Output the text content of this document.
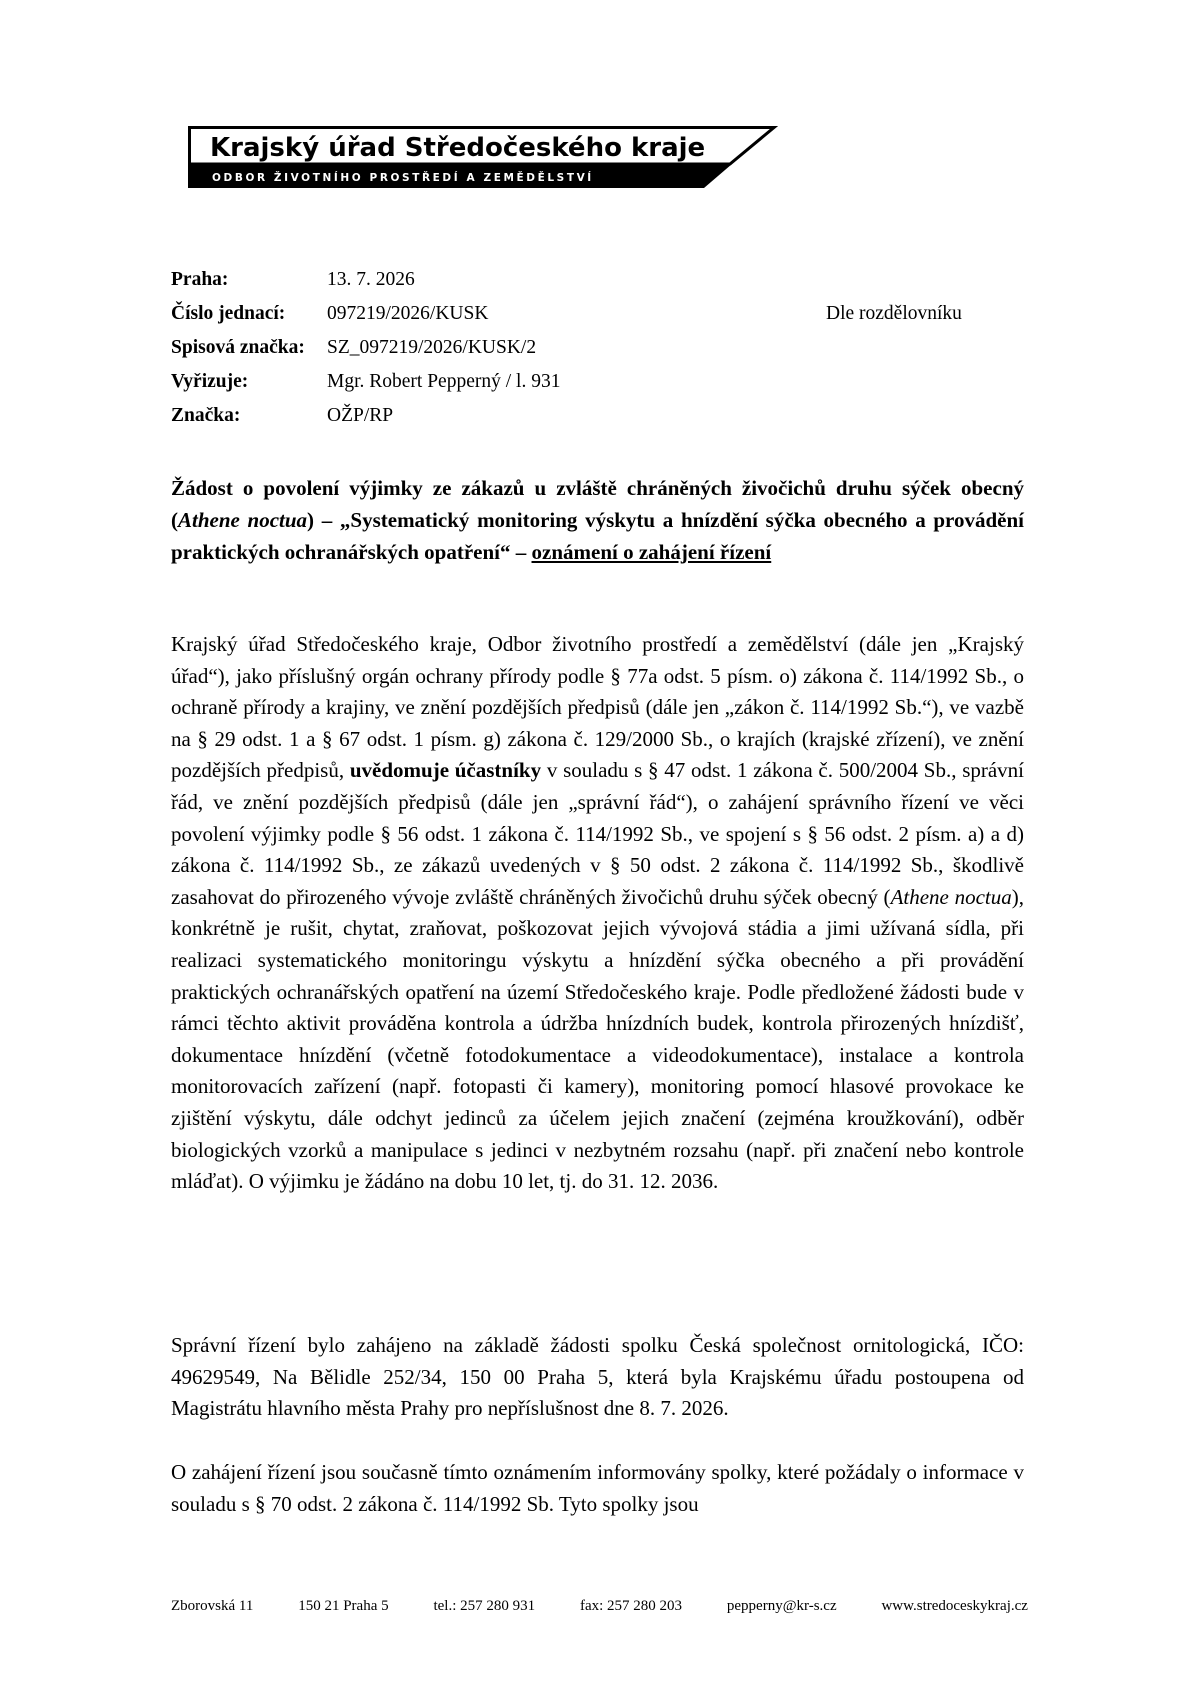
Krajský úřad Středočeského kraje
ODBOR ŽIVOTNÍHO PROSTŘEDÍ A ZEMĚDĚLSTVÍ
Praha:	13. 7. 2026
Číslo jednací:	097219/2026/KUSK
Spisová značka:	SZ_097219/2026/KUSK/2
Vyřizuje:	Mgr. Robert Pepperný / l. 931
Značka:	OŽP/RP
Dle rozdělovníku
Žádost o povolení výjimky ze zákazů u zvláště chráněných živočichů druhu sýček obecný (Athene noctua) – „Systematický monitoring výskytu a hnízdění sýčka obecného a provádění praktických ochranářských opatření“ – oznámení o zahájení řízení

Krajský úřad Středočeského kraje, Odbor životního prostředí a zemědělství (dále jen „Krajský úřad“), jako příslušný orgán ochrany přírody podle § 77a odst. 5 písm. o) zákona č. 114/1992 Sb., o ochraně přírody a krajiny, ve znění pozdějších předpisů (dále jen „zákon č. 114/1992 Sb.“), ve vazbě na § 29 odst. 1 a § 67 odst. 1 písm. g) zákona č. 129/2000 Sb., o krajích (krajské zřízení), ve znění pozdějších předpisů, uvědomuje účastníky v souladu s § 47 odst. 1 zákona č. 500/2004 Sb., správní řád, ve znění pozdějších předpisů (dále jen „správní řád“), o zahájení správního řízení ve věci povolení výjimky podle § 56 odst. 1 zákona č. 114/1992 Sb., ve spojení s § 56 odst. 2 písm. a) a d) zákona č. 114/1992 Sb., ze zákazů uvedených v § 50 odst. 2 zákona č. 114/1992 Sb., škodlivě zasahovat do přirozeného vývoje zvláště chráněných živočichů druhu sýček obecný (Athene noctua), konkrétně je rušit, chytat, zraňovat, poškozovat jejich vývojová stádia a jimi užívaná sídla, při realizaci systematického monitoringu výskytu a hnízdění sýčka obecného a při provádění praktických ochranářských opatření na území Středočeského kraje. Podle předložené žádosti bude v rámci těchto aktivit prováděna kontrola a údržba hnízdních budek, kontrola přirozených hnízdišť, dokumentace hnízdění (včetně fotodokumentace a videodokumentace), instalace a kontrola monitorovacích zařízení (např. fotopasti či kamery), monitoring pomocí hlasové provokace ke zjištění výskytu, dále odchyt jedinců za účelem jejich značení (zejména kroužkování), odběr biologických vzorků a manipulace s jedinci v nezbytném rozsahu (např. při značení nebo kontrole mláďat). O výjimku je žádáno na dobu 10 let, tj. do 31. 12. 2036.

Správní řízení bylo zahájeno na základě žádosti spolku Česká společnost ornitologická, IČO: 49629549, Na Bělidle 252/34, 150 00 Praha 5, která byla Krajskému úřadu postoupena od Magistrátu hlavního města Prahy pro nepříslušnost dne 8. 7. 2026.

O zahájení řízení jsou současně tímto oznámením informovány spolky, které požádaly o informace v souladu s § 70 odst. 2 zákona č. 114/1992 Sb. Tyto spolky jsou

Zborovská 11	150 21 Praha 5	tel.: 257 280 931	fax: 257 280 203	pepperny@kr-s.cz	www.stredoceskykraj.cz
